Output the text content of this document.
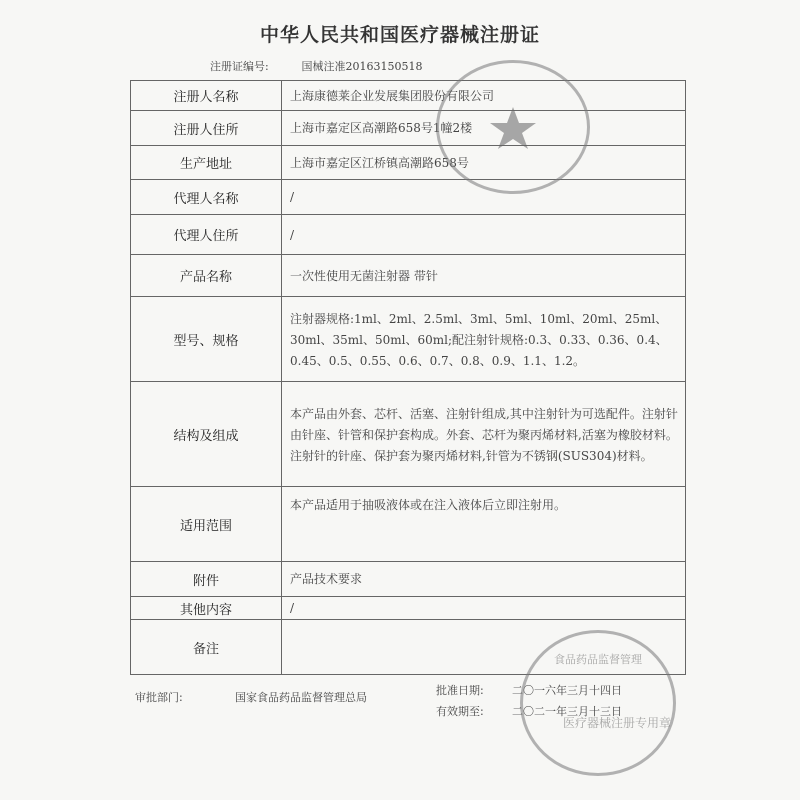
中华人民共和国医疗器械注册证
注册证编号:	国械注准20163150518
注册人名称	上海康德莱企业发展集团股份有限公司
注册人住所	上海市嘉定区高潮路658号1幢2楼
生产地址	上海市嘉定区江桥镇高潮路658号
代理人名称	/
代理人住所	/
产品名称	一次性使用无菌注射器 带针
型号、规格	注射器规格:1ml、2ml、2.5ml、3ml、5ml、10ml、20ml、25ml、30ml、35ml、50ml、60ml;配注射针规格:0.3、0.33、0.36、0.4、0.45、0.5、0.55、0.6、0.7、0.8、0.9、1.1、1.2。
结构及组成	本产品由外套、芯杆、活塞、注射针组成,其中注射针为可选配件。注射针由针座、针管和保护套构成。外套、芯杆为聚丙烯材料,活塞为橡胶材料。注射针的针座、保护套为聚丙烯材料,针管为不锈钢(SUS304)材料。
适用范围	本产品适用于抽吸液体或在注入液体后立即注射用。
附件	产品技术要求
其他内容	/
备注	
审批部门:	国家食品药品监督管理总局
批准日期:	二〇一六年三月十四日
有效期至:	二〇二一年三月十三日
食品药品监督管理
医疗器械注册专用章
